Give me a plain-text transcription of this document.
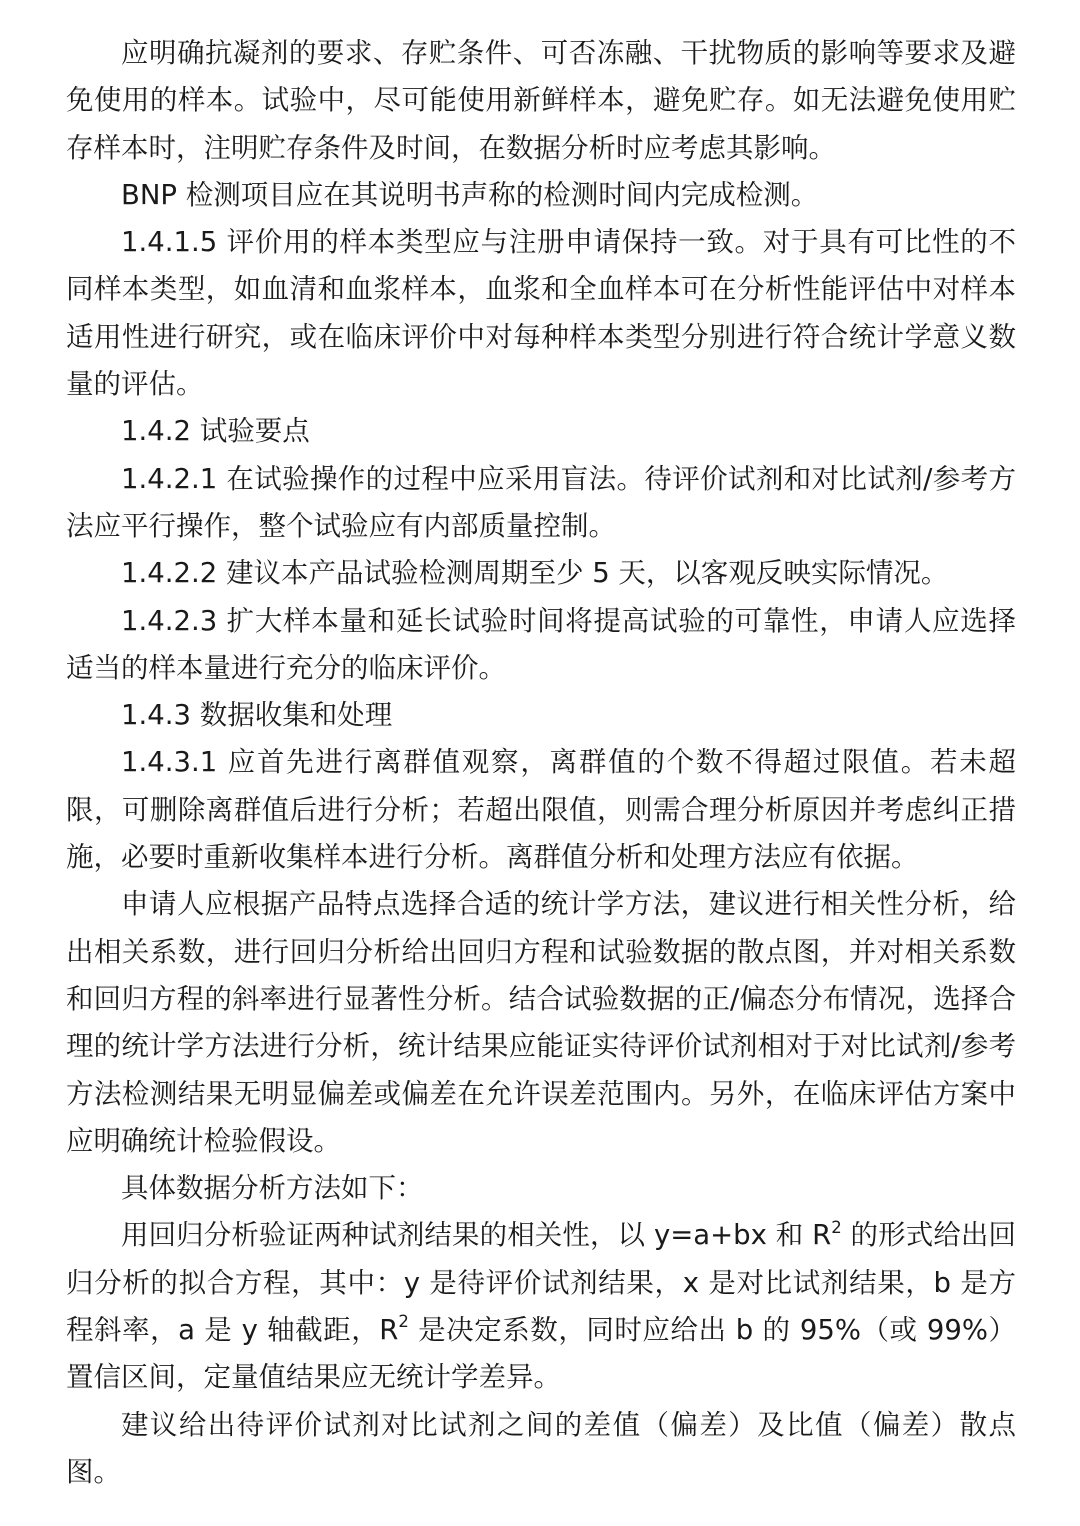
应明确抗凝剂的要求、存贮条件、可否冻融、干扰物质的影响等要求及避免使用的样本。试验中，尽可能使用新鲜样本，避免贮存。如无法避免使用贮存样本时，注明贮存条件及时间，在数据分析时应考虑其影响。

BNP 检测项目应在其说明书声称的检测时间内完成检测。

1.4.1.5 评价用的样本类型应与注册申请保持一致。对于具有可比性的不同样本类型，如血清和血浆样本，血浆和全血样本可在分析性能评估中对样本适用性进行研究，或在临床评价中对每种样本类型分别进行符合统计学意义数量的评估。

1.4.2 试验要点

1.4.2.1 在试验操作的过程中应采用盲法。待评价试剂和对比试剂/参考方法应平行操作，整个试验应有内部质量控制。

1.4.2.2 建议本产品试验检测周期至少 5 天，以客观反映实际情况。

1.4.2.3 扩大样本量和延长试验时间将提高试验的可靠性，申请人应选择适当的样本量进行充分的临床评价。

1.4.3 数据收集和处理

1.4.3.1 应首先进行离群值观察，离群值的个数不得超过限值。若未超限，可删除离群值后进行分析；若超出限值，则需合理分析原因并考虑纠正措施，必要时重新收集样本进行分析。离群值分析和处理方法应有依据。

申请人应根据产品特点选择合适的统计学方法，建议进行相关性分析，给出相关系数，进行回归分析给出回归方程和试验数据的散点图，并对相关系数和回归方程的斜率进行显著性分析。结合试验数据的正/偏态分布情况，选择合理的统计学方法进行分析，统计结果应能证实待评价试剂相对于对比试剂/参考方法检测结果无明显偏差或偏差在允许误差范围内。另外，在临床评估方案中应明确统计检验假设。

具体数据分析方法如下：

用回归分析验证两种试剂结果的相关性，以 y=a+bx 和 $R^2$ 的形式给出回归分析的拟合方程，其中：y 是待评价试剂结果，x 是对比试剂结果，b 是方程斜率，a 是 y 轴截距，$R^2$ 是决定系数，同时应给出 b 的 95%（或 99%）置信区间，定量值结果应无统计学差异。

建议给出待评价试剂对比试剂之间的差值（偏差）及比值（偏差）散点图。
